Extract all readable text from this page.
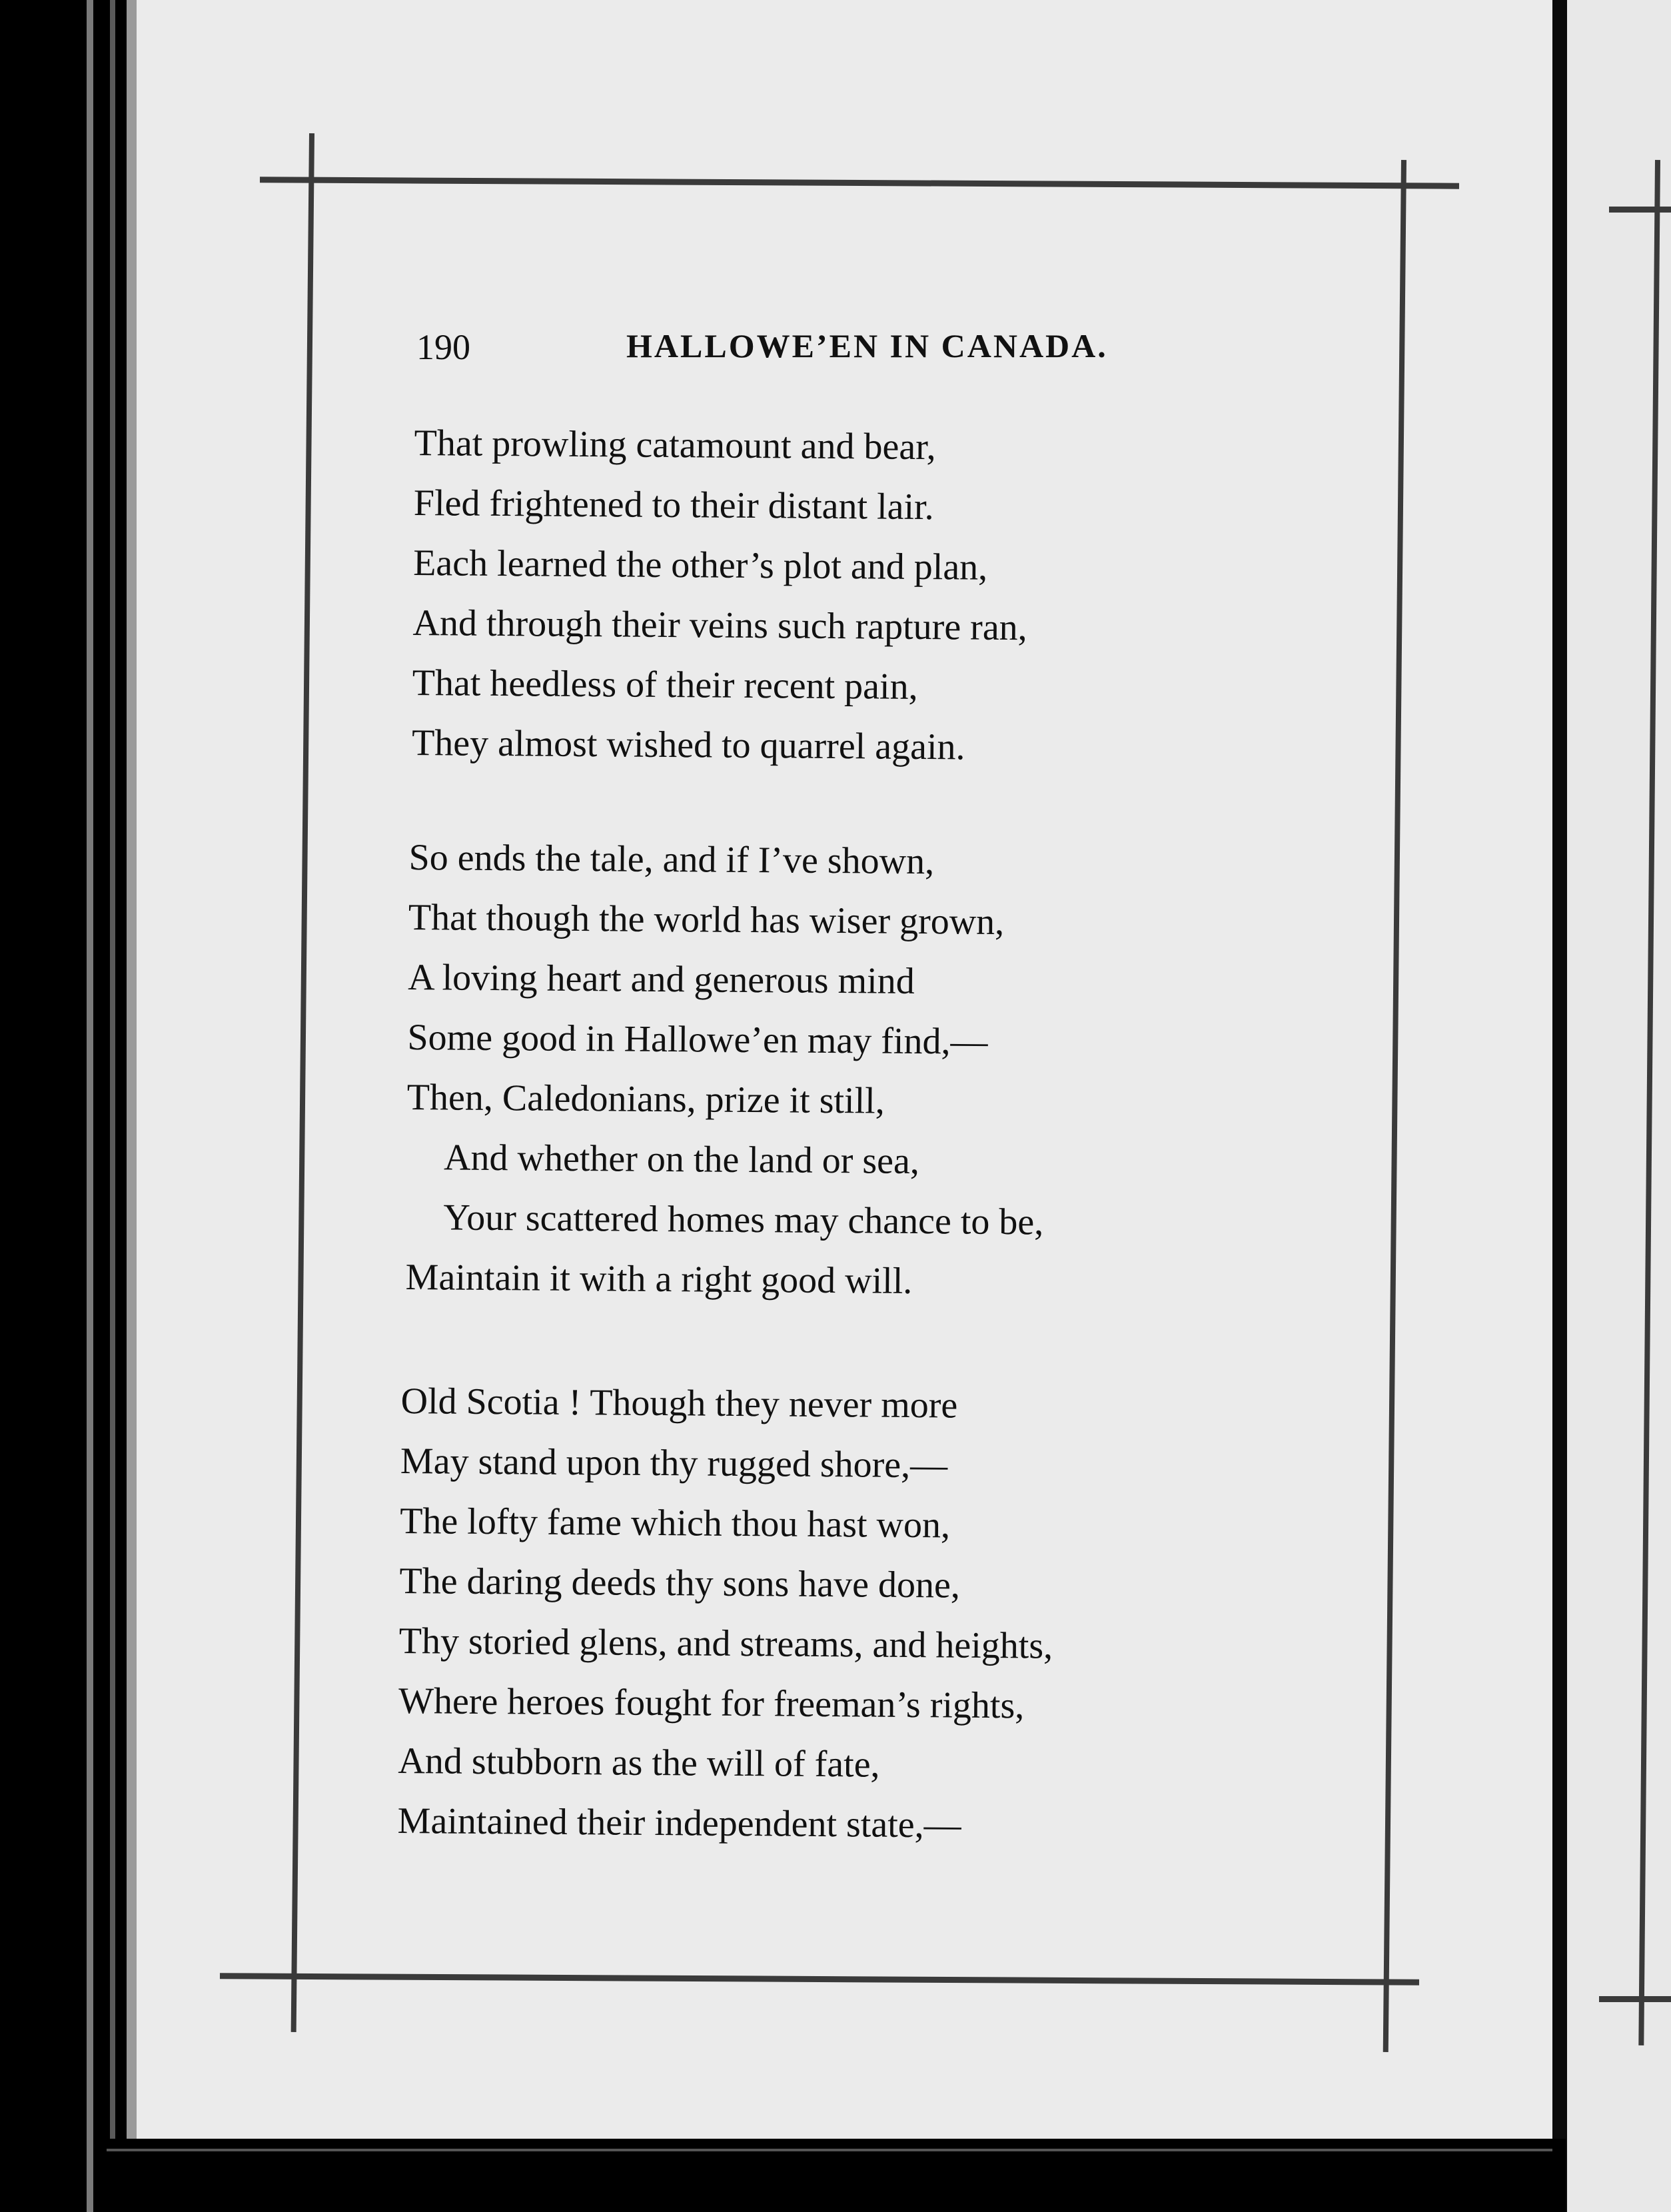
190	HALLOWE’EN IN CANADA.
That prowling catamount and bear,
Fled frightened to their distant lair.
Each learned the other’s plot and plan,
And through their veins such rapture ran,
That heedless of their recent pain,
They almost wished to quarrel again.
So ends the tale, and if I’ve shown,
That though the world has wiser grown,
A loving heart and generous mind
Some good in Hallowe’en may find,—
Then, Caledonians, prize it still,
And whether on the land or sea,
Your scattered homes may chance to be,
Maintain it with a right good will.
Old Scotia ! Though they never more
May stand upon thy rugged shore,—
The lofty fame which thou hast won,
The daring deeds thy sons have done,
Thy storied glens, and streams, and heights,
Where heroes fought for freeman’s rights,
And stubborn as the will of fate,
Maintained their independent state,—
